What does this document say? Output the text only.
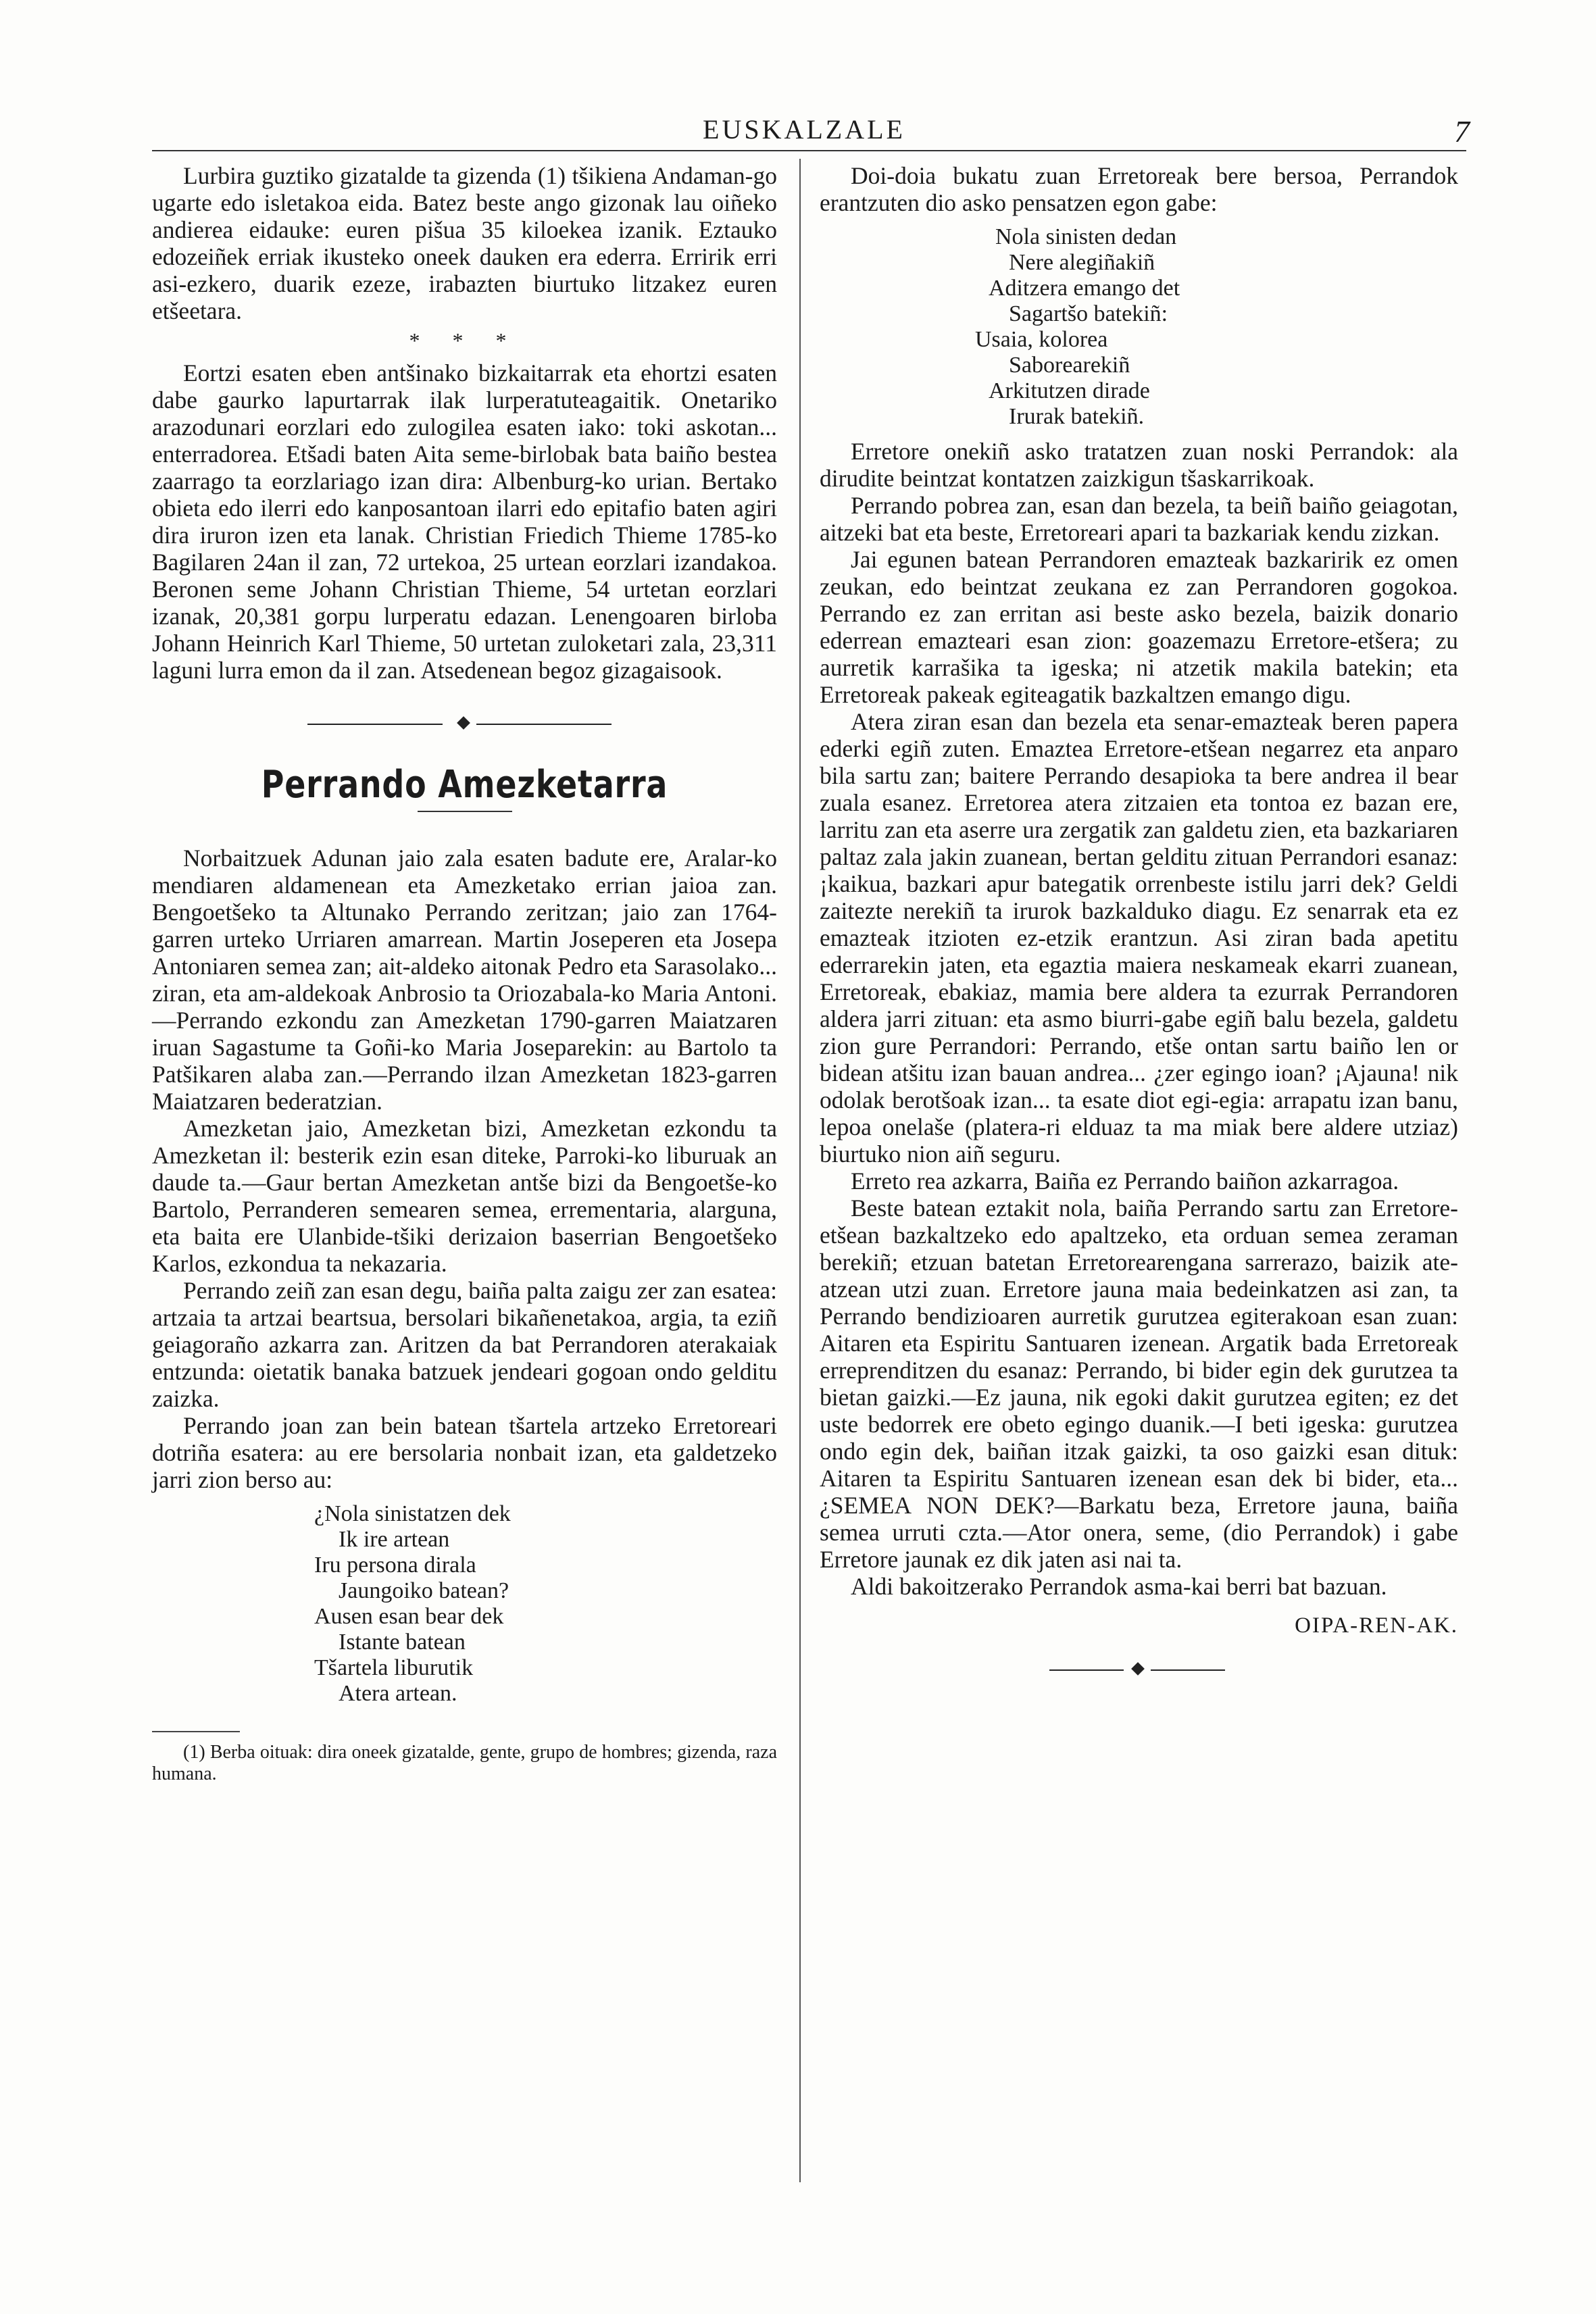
EUSKALZALE	7

Lurbira guztiko gizatalde ta gizenda (1) tšikiena Andaman-go ugarte edo isletakoa eida. Batez beste ango gizonak lau oiñeko andierea eidauke: euren pišua 35 kiloekea izanik. Eztauko edozeiñek erriak ikusteko oneek dauken era ederra. Erririk erri asi-ezkero, duarik ezeze, irabazten biurtuko litzakez euren etšeetara.

* * *

Eortzi esaten eben antšinako bizkaitarrak eta ehortzi esaten dabe gaurko lapurtarrak ilak lurperatuteagaitik. Onetariko arazodunari eorzlari edo zulogilea esaten iako: toki askotan... enterradorea. Etšadi baten Aita seme-birlobak bata baiño bestea zaarrago ta eorzlariago izan dira: Albenburg-ko urian. Bertako obieta edo ilerri edo kanposantoan ilarri edo epitafio baten agiri dira iruron izen eta lanak. Christian Friedich Thieme 1785-ko Bagilaren 24an il zan, 72 urtekoa, 25 urtean eorzlari izandakoa. Beronen seme Johann Christian Thieme, 54 urtetan eorzlari izanak, 20,381 gorpu lurperatu edazan. Lenengoaren birloba Johann Heinrich Karl Thieme, 50 urtetan zuloketari zala, 23,311 laguni lurra emon da il zan. Atsedenean begoz gizagaisook.

Perrando Amezketarra

Norbaitzuek Adunan jaio zala esaten badute ere, Aralar-ko mendiaren aldamenean eta Amezketako errian jaioa zan. Bengoetšeko ta Altunako Perrando zeritzan; jaio zan 1764-garren urteko Urriaren amarrean. Martin Joseperen eta Josepa Antoniaren semea zan; ait-aldeko aitonak Pedro eta Sarasolako... ziran, eta am-aldekoak Anbrosio ta Oriozabala-ko Maria Antoni.—Perrando ezkondu zan Amezketan 1790-garren Maiatzaren iruan Sagastume ta Goñi-ko Maria Joseparekin: au Bartolo ta Patšikaren alaba zan.—Perrando ilzan Amezketan 1823-garren Maiatzaren bederatzian.

Amezketan jaio, Amezketan bizi, Amezketan ezkondu ta Amezketan il: besterik ezin esan diteke, Parroki-ko liburuak an daude ta.—Gaur bertan Amezketan antše bizi da Bengoetše-ko Bartolo, Perranderen semearen semea, errementaria, alarguna, eta baita ere Ulanbide-tšiki derizaion baserrian Bengoetšeko Karlos, ezkondua ta nekazaria.

Perrando zeiñ zan esan degu, baiña palta zaigu zer zan esatea: artzaia ta artzai beartsua, bersolari bikañenetakoa, argia, ta eziñ geiagoraño azkarra zan. Aritzen da bat Perrandoren aterakaiak entzunda: oietatik banaka batzuek jendeari gogoan ondo gelditu zaizka.

Perrando joan zan bein batean tšartela artzeko Erretoreari dotriña esatera: au ere bersolaria nonbait izan, eta galdetzeko jarri zion berso au:

¿Nola sinistatzen dek
Ik ire artean
Iru persona dirala
Jaungoiko batean?
Ausen esan bear dek
Istante batean
Tšartela liburutik
Atera artean.

(1) Berba oituak: dira oneek gizatalde, gente, grupo de hombres; gizenda, raza humana.

Doi-doia bukatu zuan Erretoreak bere bersoa, Perrandok erantzuten dio asko pensatzen egon gabe:

Nola sinisten dedan
Nere alegiñakiñ
Aditzera emango det
Sagartšo batekiñ:
Usaia, kolorea
Saborearekiñ
Arkitutzen dirade
Irurak batekiñ.

Erretore onekiñ asko tratatzen zuan noski Perrandok: ala dirudite beintzat kontatzen zaizkigun tšaskarrikoak.

Perrando pobrea zan, esan dan bezela, ta beiñ baiño geiagotan, aitzeki bat eta beste, Erretoreari apari ta bazkariak kendu zizkan.

Jai egunen batean Perrandoren emazteak bazkaririk ez omen zeukan, edo beintzat zeukana ez zan Perrandoren gogokoa. Perrando ez zan erritan asi beste asko bezela, baizik donario ederrean emazteari esan zion: goazemazu Erretore-etšera; zu aurretik karrašika ta igeska; ni atzetik makila batekin; eta Erretoreak pakeak egiteagatik bazkaltzen emango digu.

Atera ziran esan dan bezela eta senar-emazteak beren papera ederki egiñ zuten. Emaztea Erretore-etšean negarrez eta anparo bila sartu zan; baitere Perrando desapioka ta bere andrea il bear zuala esanez. Erretorea atera zitzaien eta tontoa ez bazan ere, larritu zan eta aserre ura zergatik zan galdetu zien, eta bazkariaren paltaz zala jakin zuanean, bertan gelditu zituan Perrandori esanaz: ¡kaikua, bazkari apur bategatik orrenbeste istilu jarri dek? Geldi zaitezte nerekiñ ta irurok bazkalduko diagu. Ez senarrak eta ez emazteak itzioten ez-etzik erantzun. Asi ziran bada apetitu ederrarekin jaten, eta egaztia maiera neskameak ekarri zuanean, Erretoreak, ebakiaz, mamia bere aldera ta ezurrak Perrandoren aldera jarri zituan: eta asmo biurri-gabe egiñ balu bezela, galdetu zion gure Perrandori: Perrando, etše ontan sartu baiño len or bidean atšitu izan bauan andrea... ¿zer egingo ioan? ¡Ajauna! nik odolak berotšoak izan... ta esate diot egi-egia: arrapatu izan banu, lepoa onelaše (platera-ri elduaz ta ma miak bere aldere utziaz) biurtuko nion aiñ seguru.

Erreto rea azkarra, Baiña ez Perrando baiñon azkarragoa.

Beste batean eztakit nola, baiña Perrando sartu zan Erretore-etšean bazkaltzeko edo apaltzeko, eta orduan semea zeraman berekiñ; etzuan batetan Erretorearengana sarrerazo, baizik ate-atzean utzi zuan. Erretore jauna maia bedeinkatzen asi zan, ta Perrando bendizioaren aurretik gurutzea egiterakoan esan zuan: Aitaren eta Espiritu Santuaren izenean. Argatik bada Erretoreak erreprenditzen du esanaz: Perrando, bi bider egin dek gurutzea ta bietan gaizki.—Ez jauna, nik egoki dakit gurutzea egiten; ez det uste bedorrek ere obeto egingo duanik.—I beti igeska: gurutzea ondo egin dek, baiñan itzak gaizki, ta oso gaizki esan dituk: Aitaren ta Espiritu Santuaren izenean esan dek bi bider, eta... ¿SEMEA NON DEK?—Barkatu beza, Erretore jauna, baiña semea urruti czta.—Ator onera, seme, (dio Perrandok) i gabe Erretore jaunak ez dik jaten asi nai ta.

Aldi bakoitzerako Perrandok asma-kai berri bat bazuan.

OIPA-REN-AK.
